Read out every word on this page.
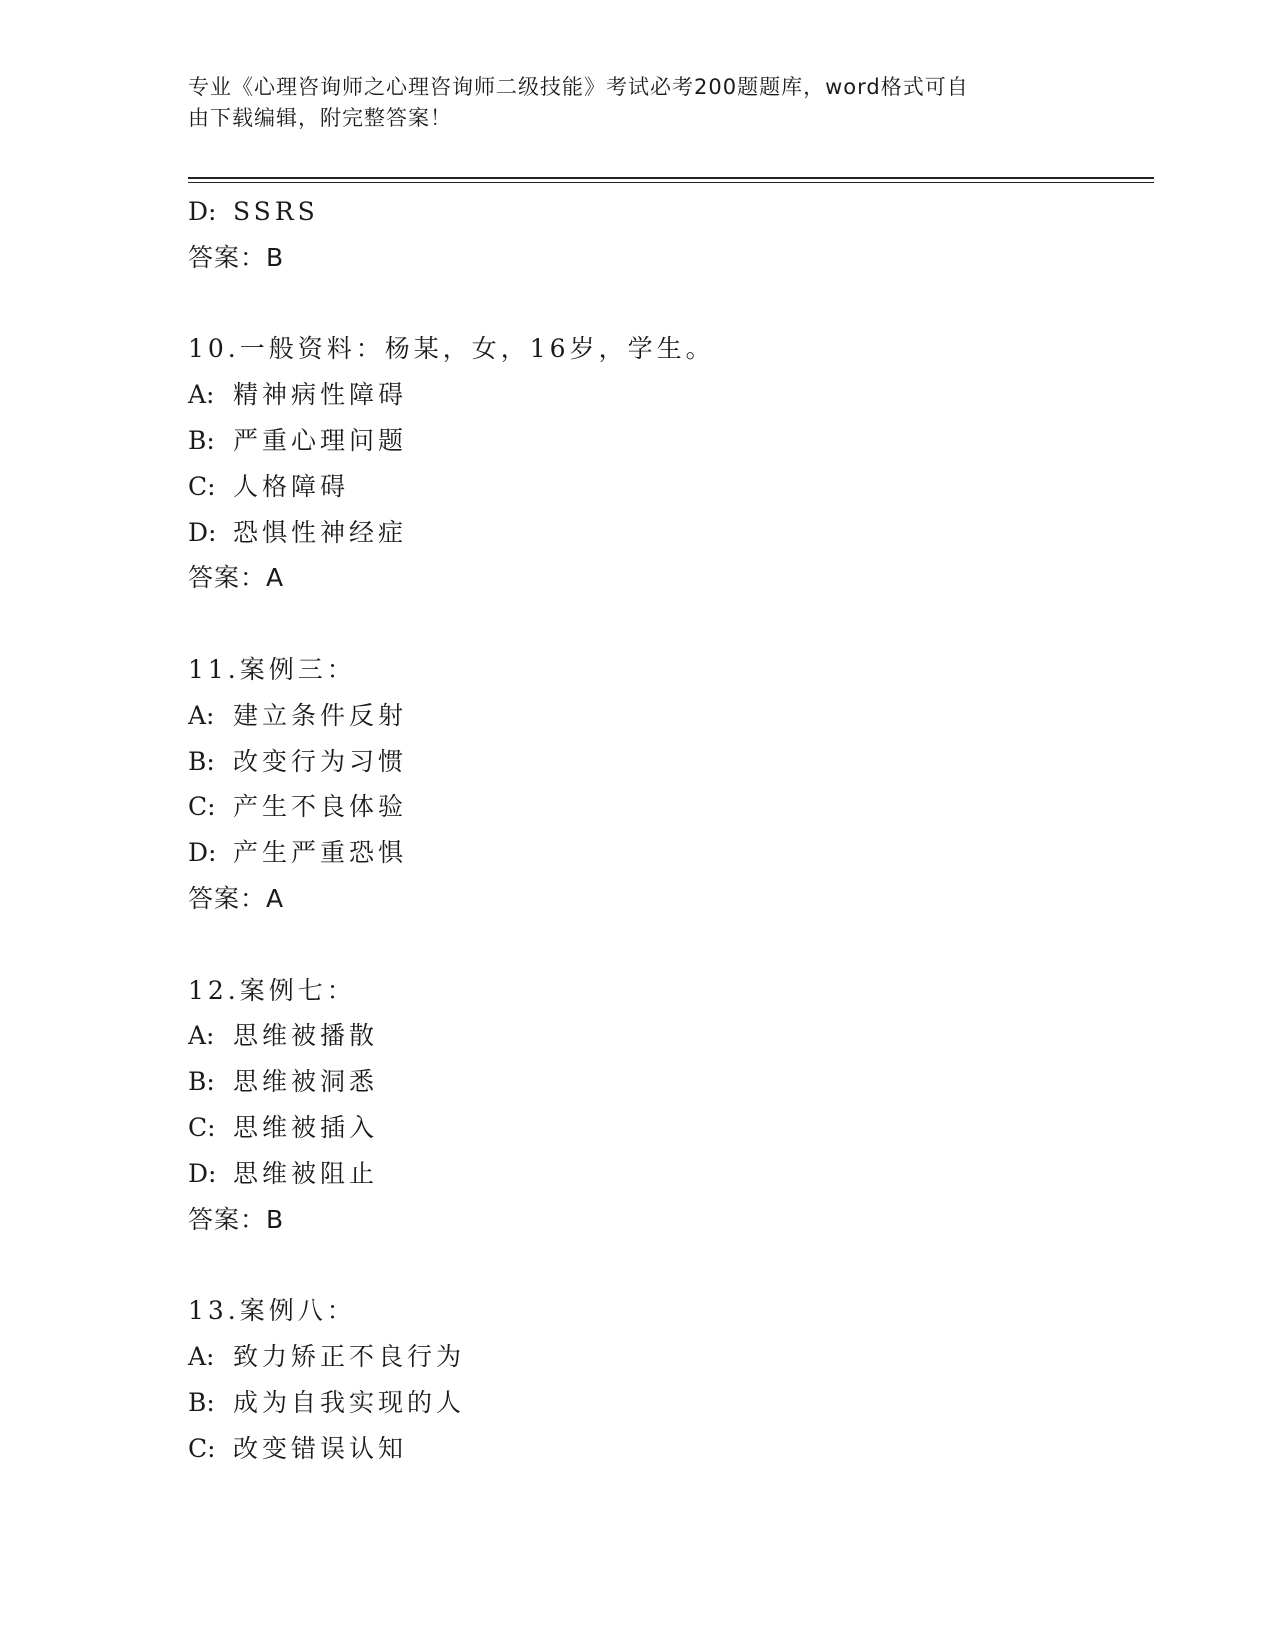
专业《心理咨询师之心理咨询师二级技能》考试必考200题题库，word格式可自
由下载编辑，附完整答案！
D: SSRS
答案：B
10.一般资料：杨某，女，16岁，学生。
A: 精神病性障碍
B: 严重心理问题
C: 人格障碍
D: 恐惧性神经症
答案：A
11.案例三：
A: 建立条件反射
B: 改变行为习惯
C: 产生不良体验
D: 产生严重恐惧
答案：A
12.案例七：
A: 思维被播散
B: 思维被洞悉
C: 思维被插入
D: 思维被阻止
答案：B
13.案例八：
A: 致力矫正不良行为
B: 成为自我实现的人
C: 改变错误认知
